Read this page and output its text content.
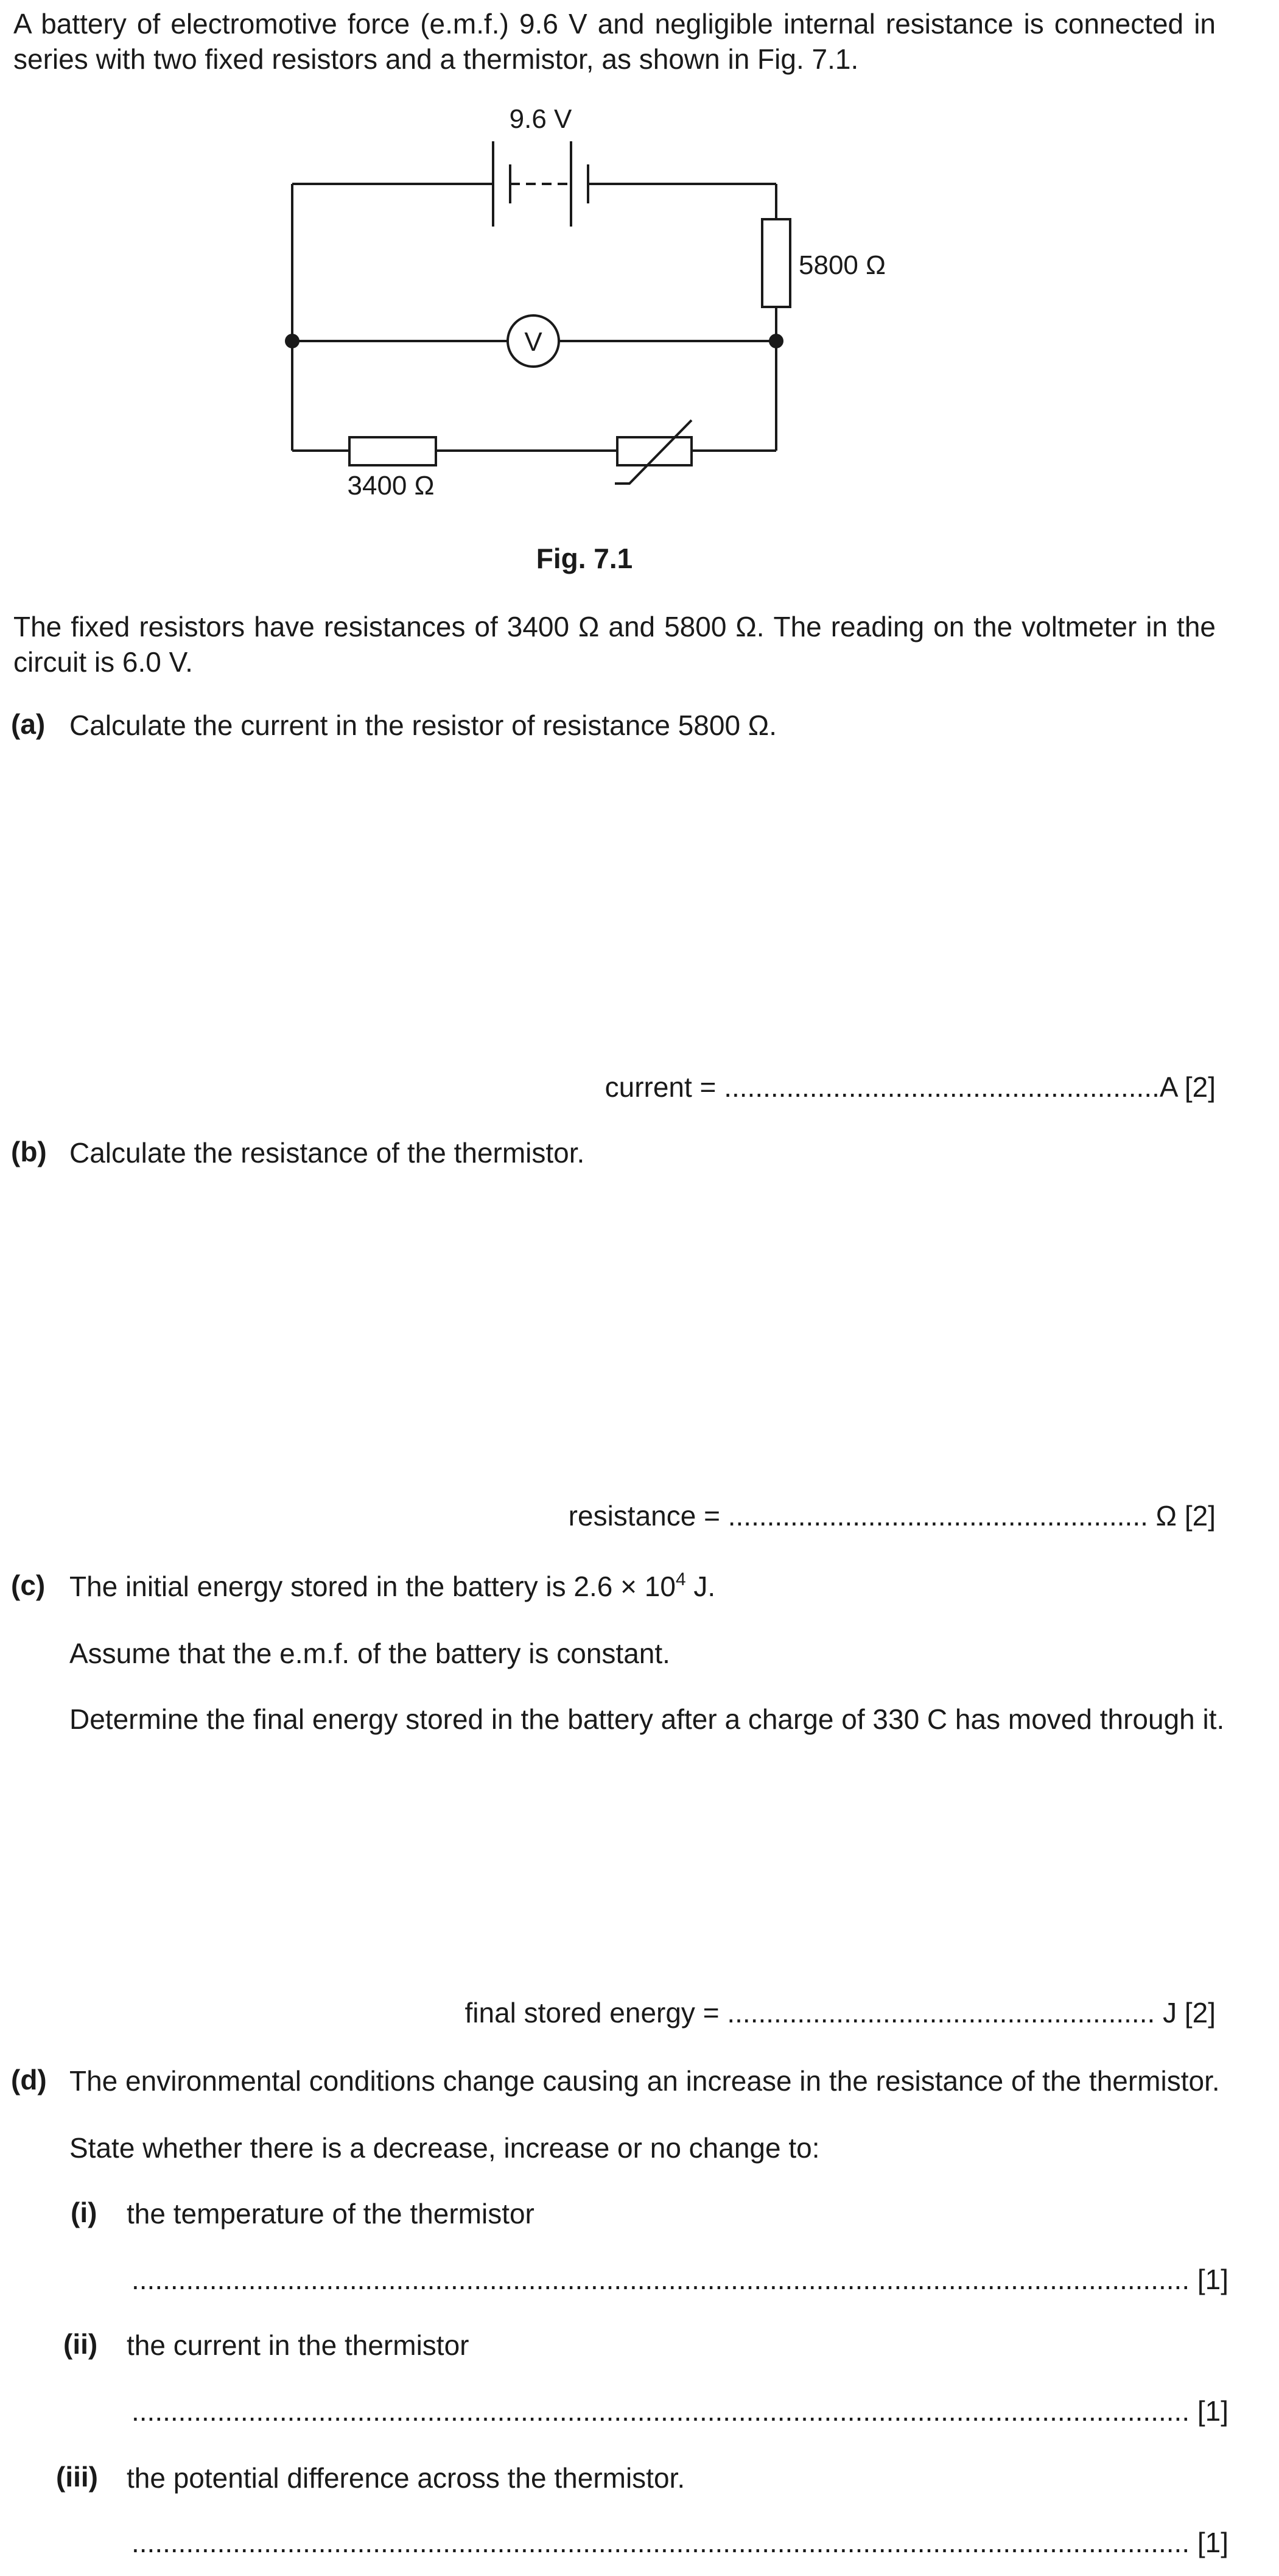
A battery of electromotive force (e.m.f.) 9.6 V and negligible internal resistance is connected in series with two fixed resistors and a thermistor, as shown in Fig. 7.1.

9.6 V
5800 Ω
3400 Ω
V
Fig. 7.1

The fixed resistors have resistances of 3400 Ω and 5800 Ω. The reading on the voltmeter in the circuit is 6.0 V.

(a) Calculate the current in the resistor of resistance 5800 Ω.
current = ........................................................A [2]
(b) Calculate the resistance of the thermistor.
resistance = ...................................................... Ω [2]
(c) The initial energy stored in the battery is $2.6 \times 10^4$ J.
Assume that the e.m.f. of the battery is constant.
Determine the final energy stored in the battery after a charge of 330 C has moved through it.
final stored energy = ....................................................... J [2]
(d) The environmental conditions change causing an increase in the resistance of the thermistor.
State whether there is a decrease, increase or no change to:
(i) the temperature of the thermistor
........................................................................................................................................ [1]
(ii) the current in the thermistor
........................................................................................................................................ [1]
(iii) the potential difference across the thermistor.
........................................................................................................................................ [1]
